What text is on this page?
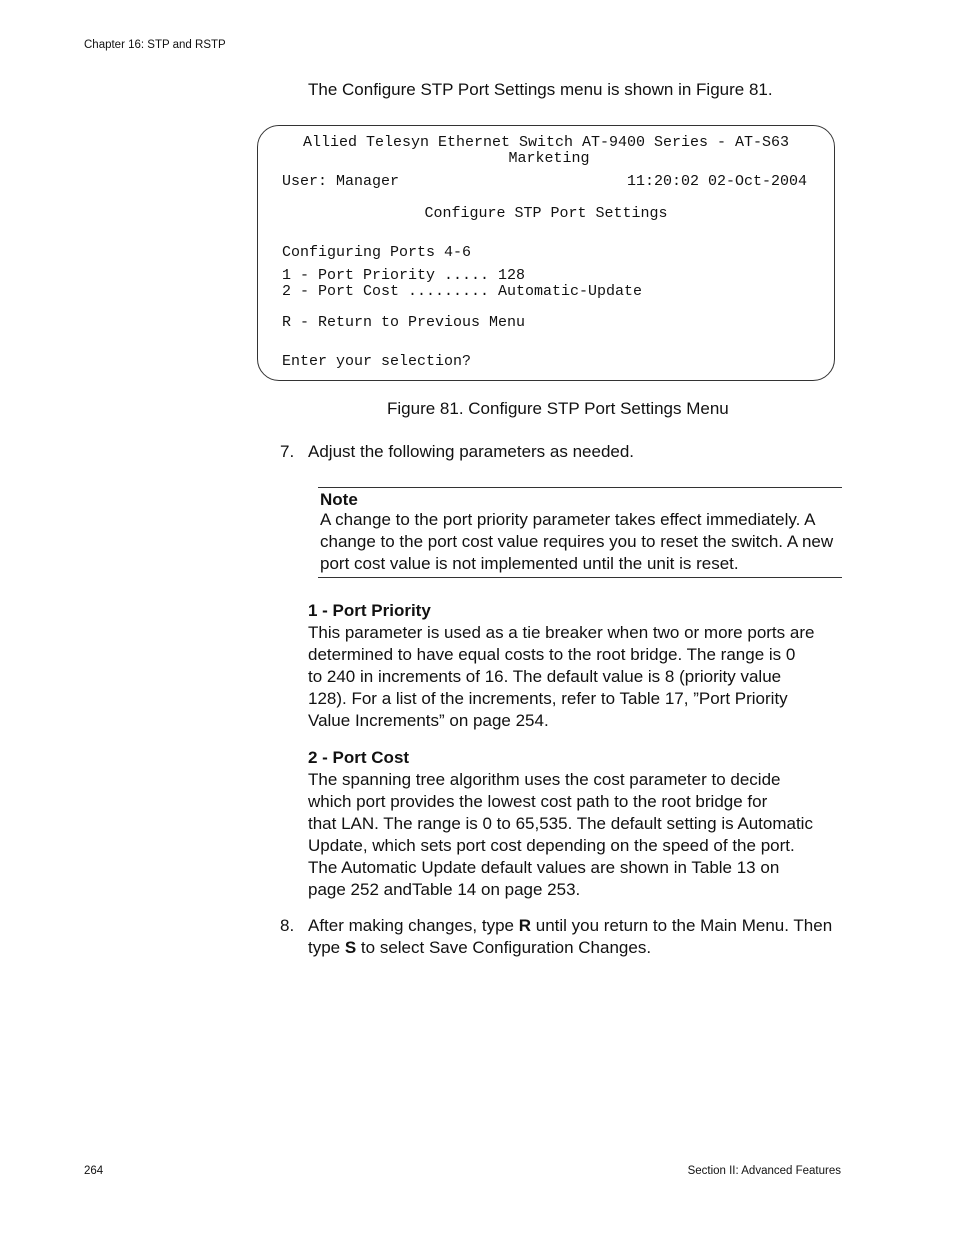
Chapter 16: STP and RSTP
The Configure STP Port Settings menu is shown in Figure 81.
Allied Telesyn Ethernet Switch AT-9400 Series - AT-S63
Marketing
User: Manager	11:20:02 02-Oct-2004
Configure STP Port Settings
Configuring Ports 4-6
1 - Port Priority ..... 128
2 - Port Cost ......... Automatic-Update
R - Return to Previous Menu
Enter your selection?
Figure 81. Configure STP Port Settings Menu
7. Adjust the following parameters as needed.
Note
A change to the port priority parameter takes effect immediately. A
change to the port cost value requires you to reset the switch. A new
port cost value is not implemented until the unit is reset.
1 - Port Priority
This parameter is used as a tie breaker when two or more ports are
determined to have equal costs to the root bridge. The range is 0
to 240 in increments of 16. The default value is 8 (priority value
128). For a list of the increments, refer to Table 17, ”Port Priority
Value Increments” on page 254.
2 - Port Cost
The spanning tree algorithm uses the cost parameter to decide
which port provides the lowest cost path to the root bridge for
that LAN. The range is 0 to 65,535. The default setting is Automatic
Update, which sets port cost depending on the speed of the port.
The Automatic Update default values are shown in Table 13 on
page 252 andTable 14 on page 253.
8. After making changes, type R until you return to the Main Menu. Then
type S to select Save Configuration Changes.
264	Section II: Advanced Features
